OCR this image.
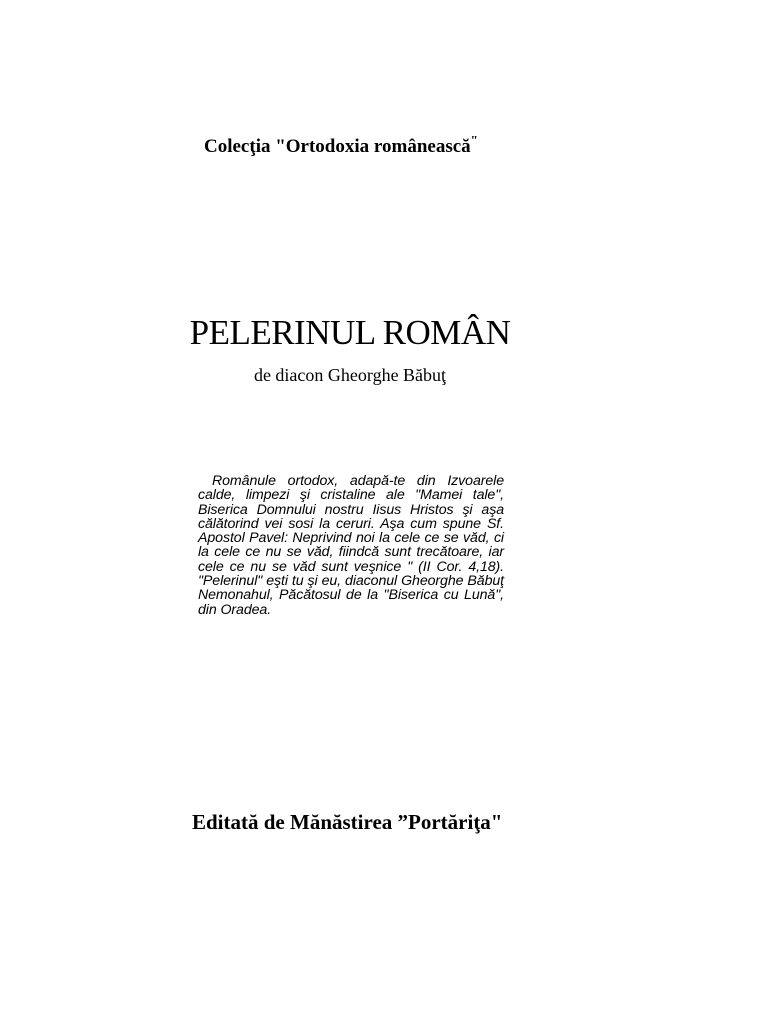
Colecţia "Ortodoxia românească"
PELERINUL ROMÂN
de diacon Gheorghe Băbuţ
Românule ortodox, adapă-te din Izvoarele calde, limpezi şi cristaline ale "Mamei tale", Biserica Domnului nostru Iisus Hristos şi aşa călătorind vei sosi la ceruri. Aşa cum spune Sf. Apostol Pavel: Neprivind noi la cele ce se văd, ci la cele ce nu se văd, fiindcă sunt trecătoare, iar cele ce nu se văd sunt veşnice " (II Cor. 4,18). "Pelerinul" eşti tu şi eu, diaconul Gheorghe Băbuţ Nemonahul, Păcătosul de la "Biserica cu Lună", din Oradea.
Editată de Mănăstirea ”Portăriţa"
